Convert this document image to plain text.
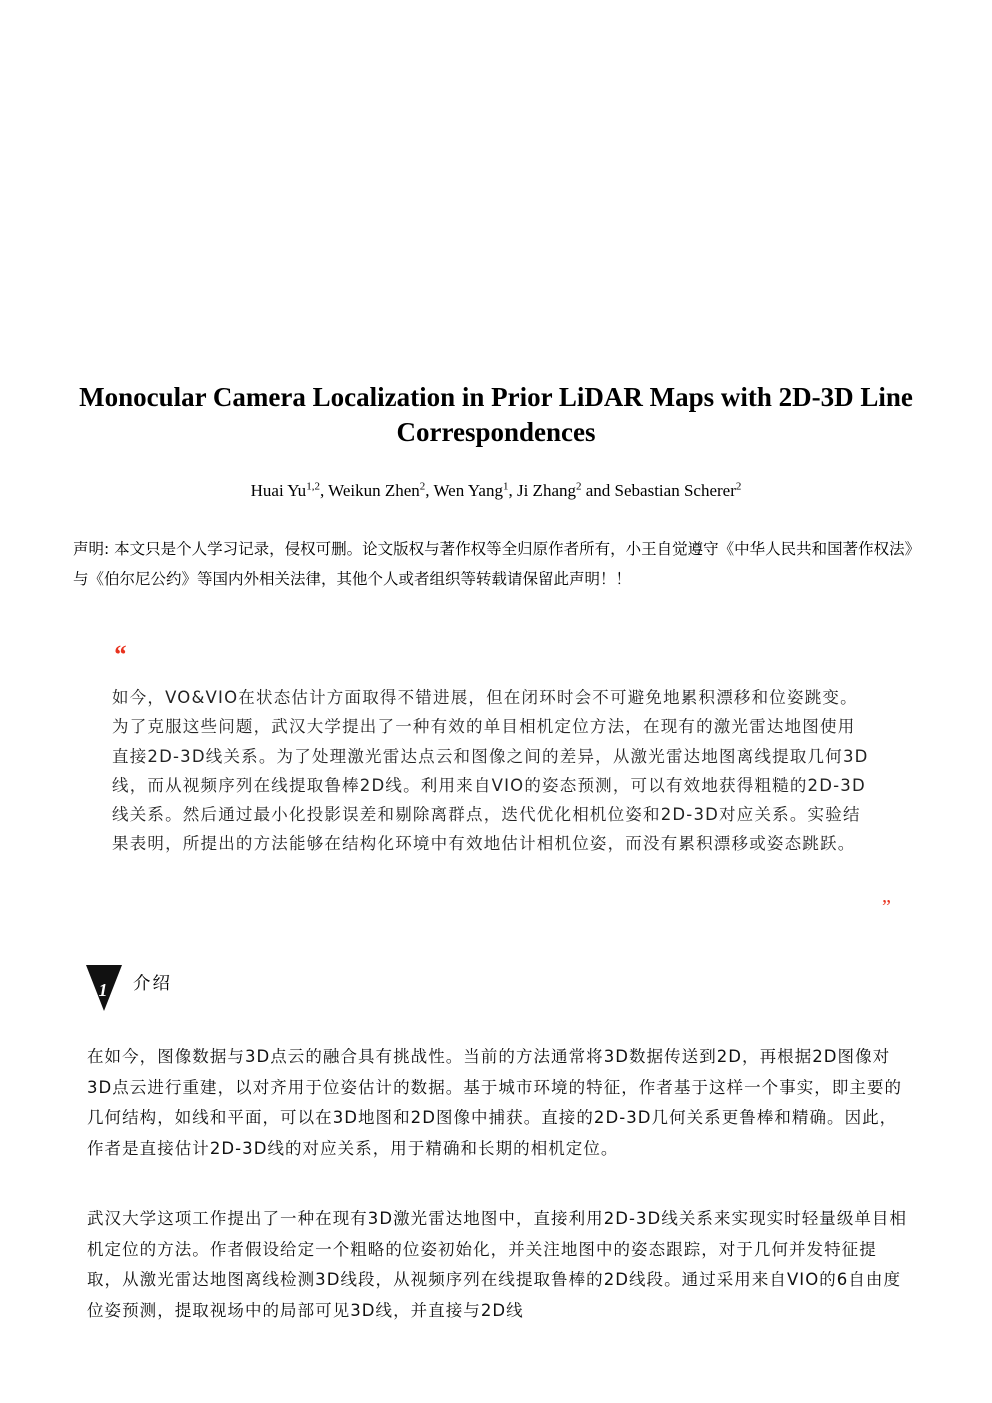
Monocular Camera Localization in Prior LiDAR Maps with 2D-3D Line Correspondences
Huai Yu$^{1,2}$, Weikun Zhen$^2$, Wen Yang$^1$, Ji Zhang$^2$ and Sebastian Scherer$^2$
声明: 本文只是个人学习记录，侵权可删。论文版权与著作权等全归原作者所有，小王自觉遵守《中华人民共和国著作权法》与《伯尔尼公约》等国内外相关法律，其他个人或者组织等转载请保留此声明！！
“
如今，VO&VIO在状态估计方面取得不错进展，但在闭环时会不可避免地累积漂移和位姿跳变。为了克服这些问题，武汉大学提出了一种有效的单目相机定位方法，在现有的激光雷达地图使用直接2D-3D线关系。为了处理激光雷达点云和图像之间的差异，从激光雷达地图离线提取几何3D线，而从视频序列在线提取鲁棒2D线。利用来自VIO的姿态预测，可以有效地获得粗糙的2D-3D线关系。然后通过最小化投影误差和剔除离群点，迭代优化相机位姿和2D-3D对应关系。实验结果表明，所提出的方法能够在结构化环境中有效地估计相机位姿，而没有累积漂移或姿态跳跃。
”
1 介绍
在如今，图像数据与3D点云的融合具有挑战性。当前的方法通常将3D数据传送到2D，再根据2D图像对3D点云进行重建，以对齐用于位姿估计的数据。基于城市环境的特征，作者基于这样一个事实，即主要的几何结构，如线和平面，可以在3D地图和2D图像中捕获。直接的2D-3D几何关系更鲁棒和精确。因此，作者是直接估计2D-3D线的对应关系，用于精确和长期的相机定位。
武汉大学这项工作提出了一种在现有3D激光雷达地图中，直接利用2D-3D线关系来实现实时轻量级单目相机定位的方法。作者假设给定一个粗略的位姿初始化，并关注地图中的姿态跟踪，对于几何并发特征提取，从激光雷达地图离线检测3D线段，从视频序列在线提取鲁棒的2D线段。通过采用来自VIO的6自由度位姿预测，提取视场中的局部可见3D线，并直接与2D线
